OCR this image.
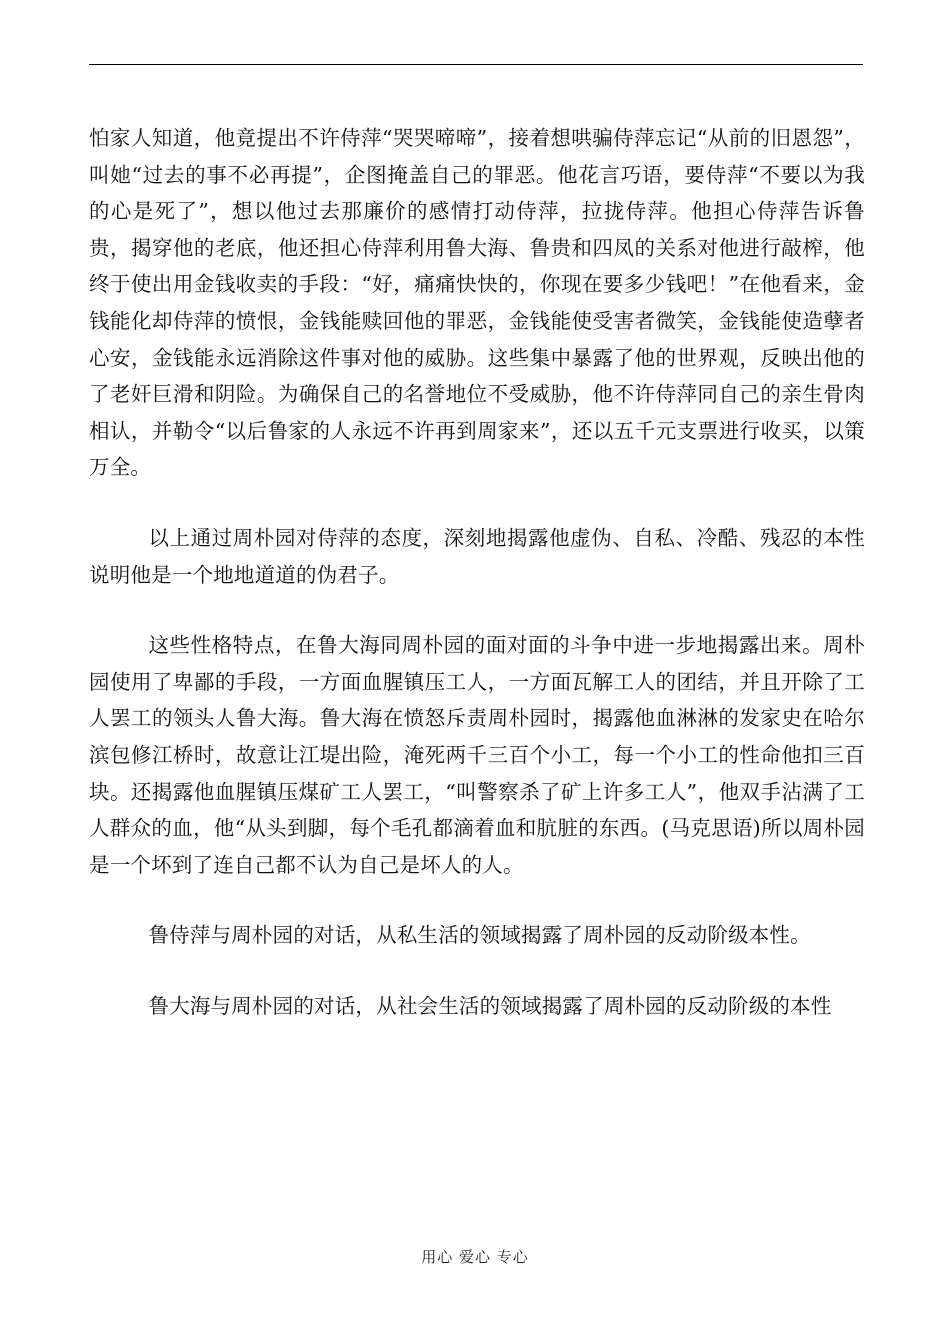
怕家人知道，他竟提出不许侍萍“哭哭啼啼”，接着想哄骗侍萍忘记“从前的旧恩怨”，叫她“过去的事不必再提”，企图掩盖自己的罪恶。他花言巧语，要侍萍“不要以为我的心是死了”，想以他过去那廉价的感情打动侍萍，拉拢侍萍。他担心侍萍告诉鲁贵，揭穿他的老底，他还担心侍萍利用鲁大海、鲁贵和四凤的关系对他进行敲榨，他终于使出用金钱收卖的手段：“好，痛痛快快的，你现在要多少钱吧！”在他看来，金钱能化却侍萍的愤恨，金钱能赎回他的罪恶，金钱能使受害者微笑，金钱能使造孽者心安，金钱能永远消除这件事对他的威胁。这些集中暴露了他的世界观，反映出他的了老奸巨滑和阴险。为确保自己的名誉地位不受威胁，他不许侍萍同自己的亲生骨肉相认，并勒令“以后鲁家的人永远不许再到周家来”，还以五千元支票进行收买，以策万全。

以上通过周朴园对侍萍的态度，深刻地揭露他虚伪、自私、冷酷、残忍的本性说明他是一个地地道道的伪君子。

这些性格特点，在鲁大海同周朴园的面对面的斗争中进一步地揭露出来。周朴园使用了卑鄙的手段，一方面血腥镇压工人，一方面瓦解工人的团结，并且开除了工人罢工的领头人鲁大海。鲁大海在愤怒斥责周朴园时，揭露他血淋淋的发家史在哈尔滨包修江桥时，故意让江堤出险，淹死两千三百个小工，每一个小工的性命他扣三百块。还揭露他血腥镇压煤矿工人罢工，“叫警察杀了矿上许多工人”，他双手沾满了工人群众的血，他“从头到脚，每个毛孔都滴着血和肮脏的东西。(马克思语)所以周朴园是一个坏到了连自己都不认为自己是坏人的人。

鲁侍萍与周朴园的对话，从私生活的领域揭露了周朴园的反动阶级本性。

鲁大海与周朴园的对话，从社会生活的领域揭露了周朴园的反动阶级的本性

用心 爱心 专心
